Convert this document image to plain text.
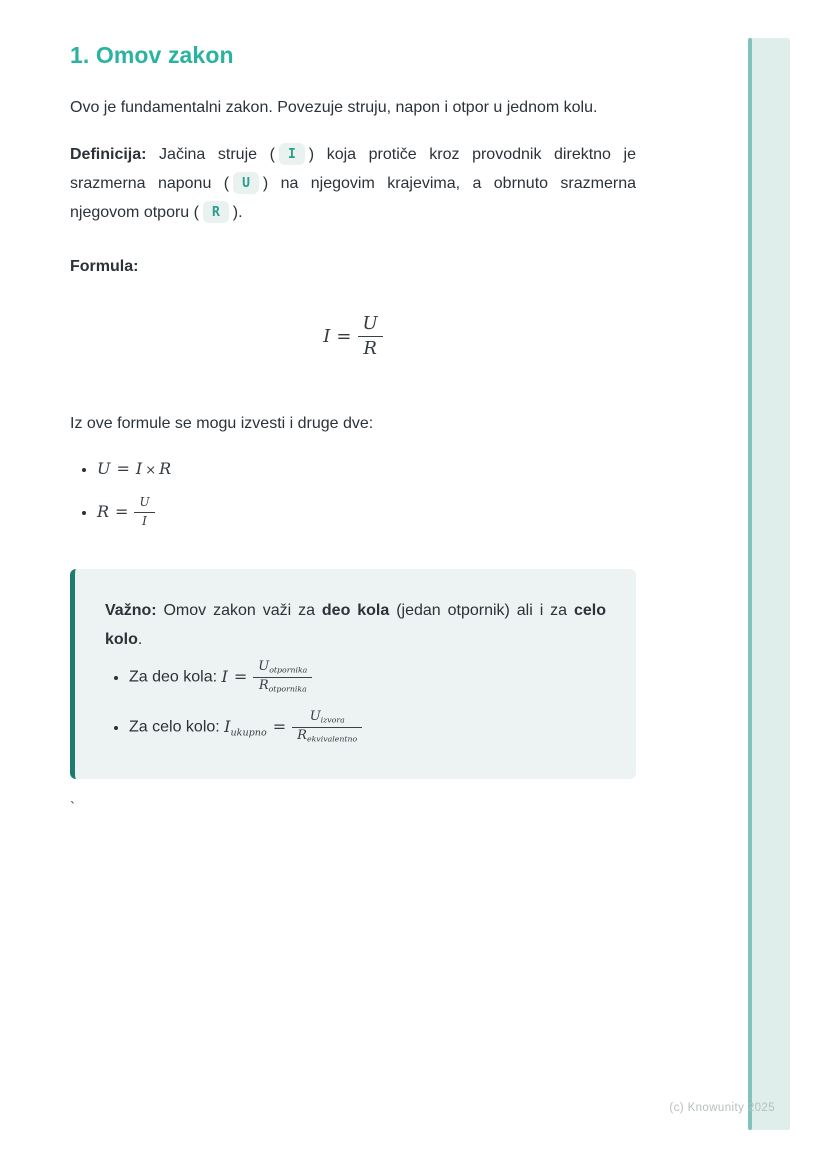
1. Omov zakon

Ovo je fundamentalni zakon. Povezuje struju, napon i otpor u jednom kolu.

Definicija: Jačina struje ( I ) koja protiče kroz provodnik direktno je srazmerna naponu ( U ) na njegovim krajevima, a obrnuto srazmerna njegovom otporu ( R ).

Formula:

$I = \frac{U}{R}$

Iz ove formule se mogu izvesti i druge dve:

• U = I × R
• $R = \frac{U}{I}$

Važno: Omov zakon važi za deo kola (jedan otpornik) ali i za celo kolo.

• Za deo kola: $I = \frac{U_{otpornika}}{R_{otpornika}}$
• Za celo kolo: $I_{ukupno} = \frac{U_{izvora}}{R_{ekvivalentno}}$

`

(c) Knowunity 2025
